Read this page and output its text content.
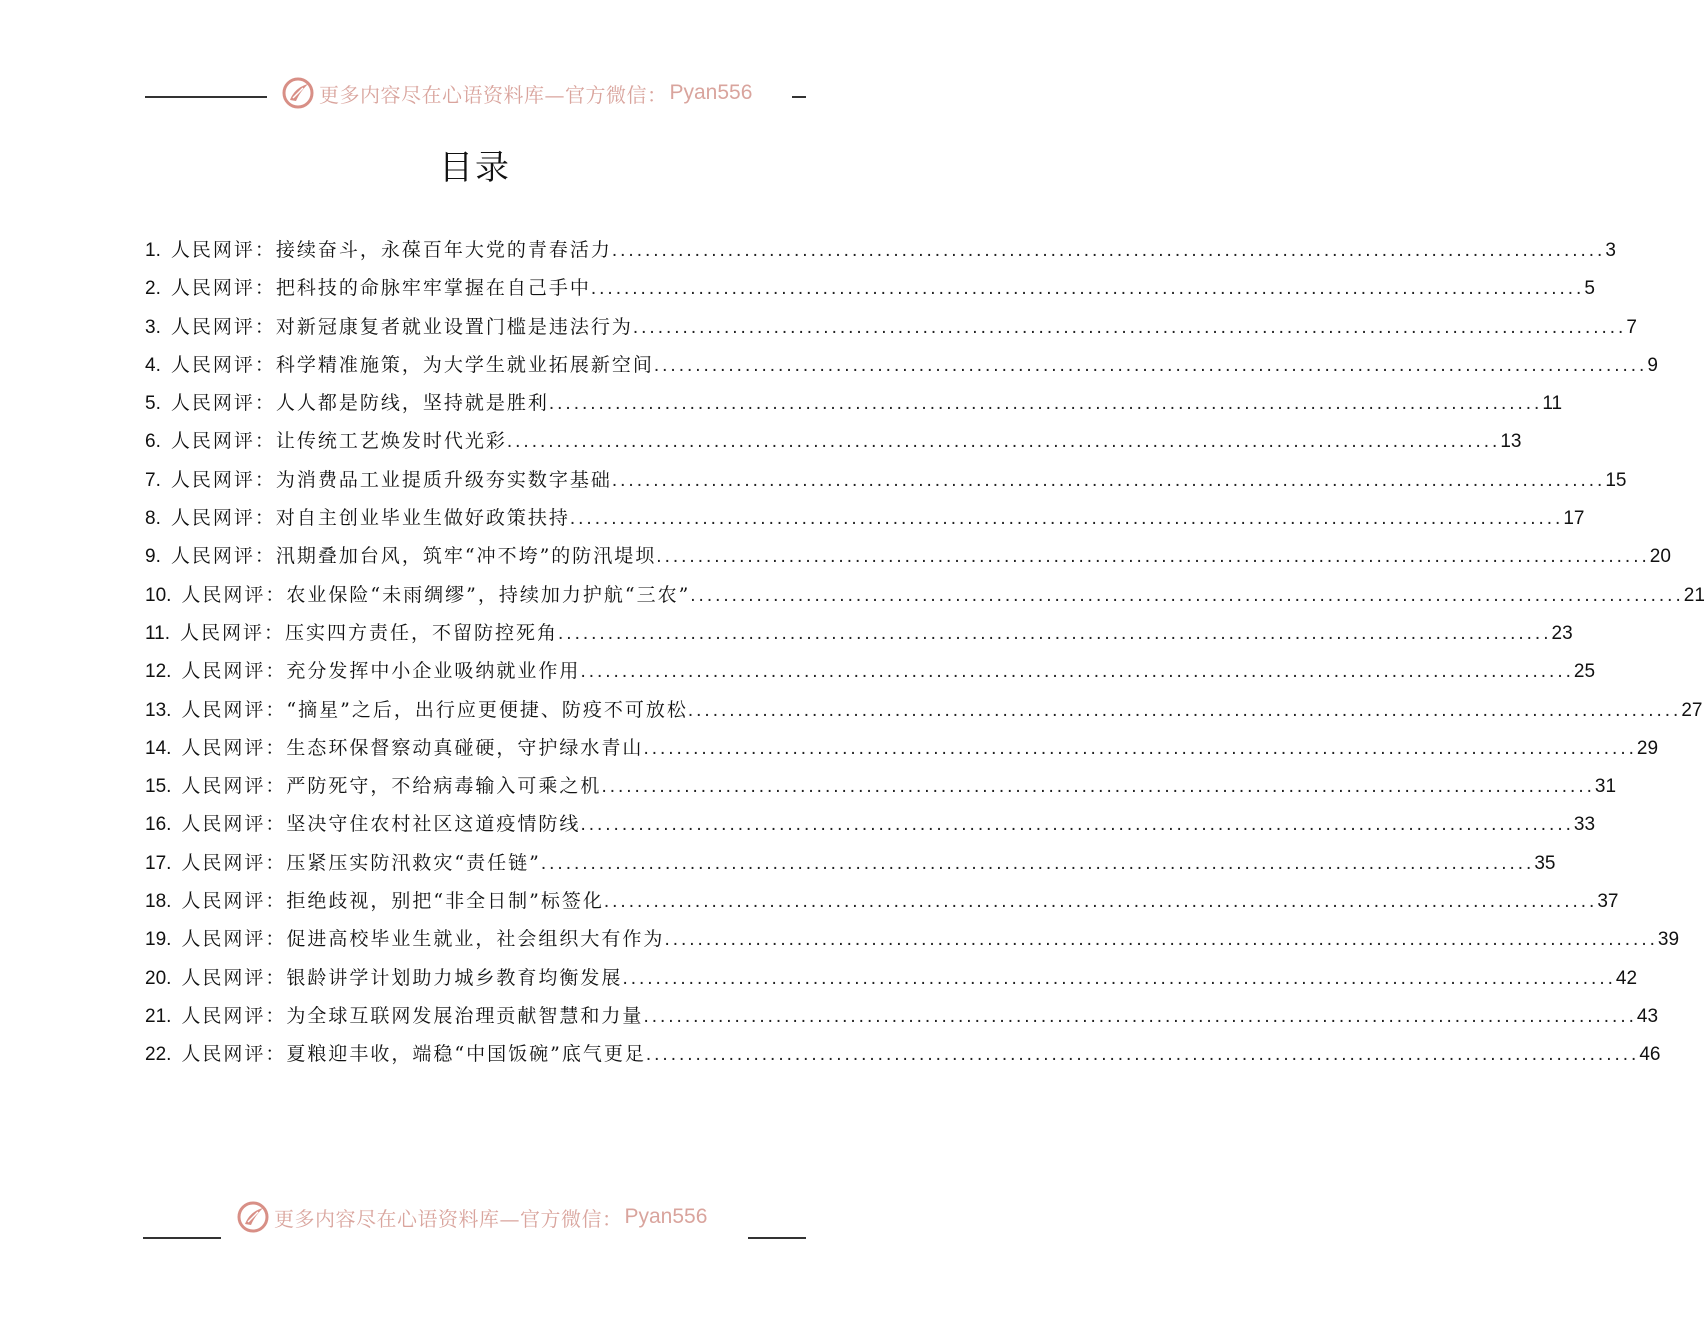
更多内容尽在心语资料库—官方微信： Pyan556
目录
1. 人民网评：接续奋斗，永葆百年大党的青春活力 ........................................................................................................................ 3
2. 人民网评：把科技的命脉牢牢掌握在自己手中 ........................................................................................................................ 5
3. 人民网评：对新冠康复者就业设置门槛是违法行为 ........................................................................................................................ 7
4. 人民网评：科学精准施策，为大学生就业拓展新空间 ........................................................................................................................ 9
5. 人民网评：人人都是防线，坚持就是胜利 ........................................................................................................................ 11
6. 人民网评：让传统工艺焕发时代光彩 ........................................................................................................................ 13
7. 人民网评：为消费品工业提质升级夯实数字基础 ........................................................................................................................ 15
8. 人民网评：对自主创业毕业生做好政策扶持 ........................................................................................................................ 17
9. 人民网评：汛期叠加台风，筑牢“冲不垮”的防汛堤坝 ........................................................................................................................ 20
10. 人民网评：农业保险“未雨绸缪”，持续加力护航“三农” ........................................................................................................................ 21
11. 人民网评：压实四方责任，不留防控死角 ........................................................................................................................ 23
12. 人民网评：充分发挥中小企业吸纳就业作用 ........................................................................................................................ 25
13. 人民网评：“摘星”之后，出行应更便捷、防疫不可放松 ........................................................................................................................ 27
14. 人民网评：生态环保督察动真碰硬，守护绿水青山 ........................................................................................................................ 29
15. 人民网评：严防死守，不给病毒输入可乘之机 ........................................................................................................................ 31
16. 人民网评：坚决守住农村社区这道疫情防线 ........................................................................................................................ 33
17. 人民网评：压紧压实防汛救灾“责任链” ........................................................................................................................ 35
18. 人民网评：拒绝歧视，别把“非全日制”标签化 ........................................................................................................................ 37
19. 人民网评：促进高校毕业生就业，社会组织大有作为 ........................................................................................................................ 39
20. 人民网评：银龄讲学计划助力城乡教育均衡发展 ........................................................................................................................ 42
21. 人民网评：为全球互联网发展治理贡献智慧和力量 ........................................................................................................................ 43
22. 人民网评：夏粮迎丰收，端稳“中国饭碗”底气更足 ........................................................................................................................ 46
更多内容尽在心语资料库—官方微信： Pyan556
